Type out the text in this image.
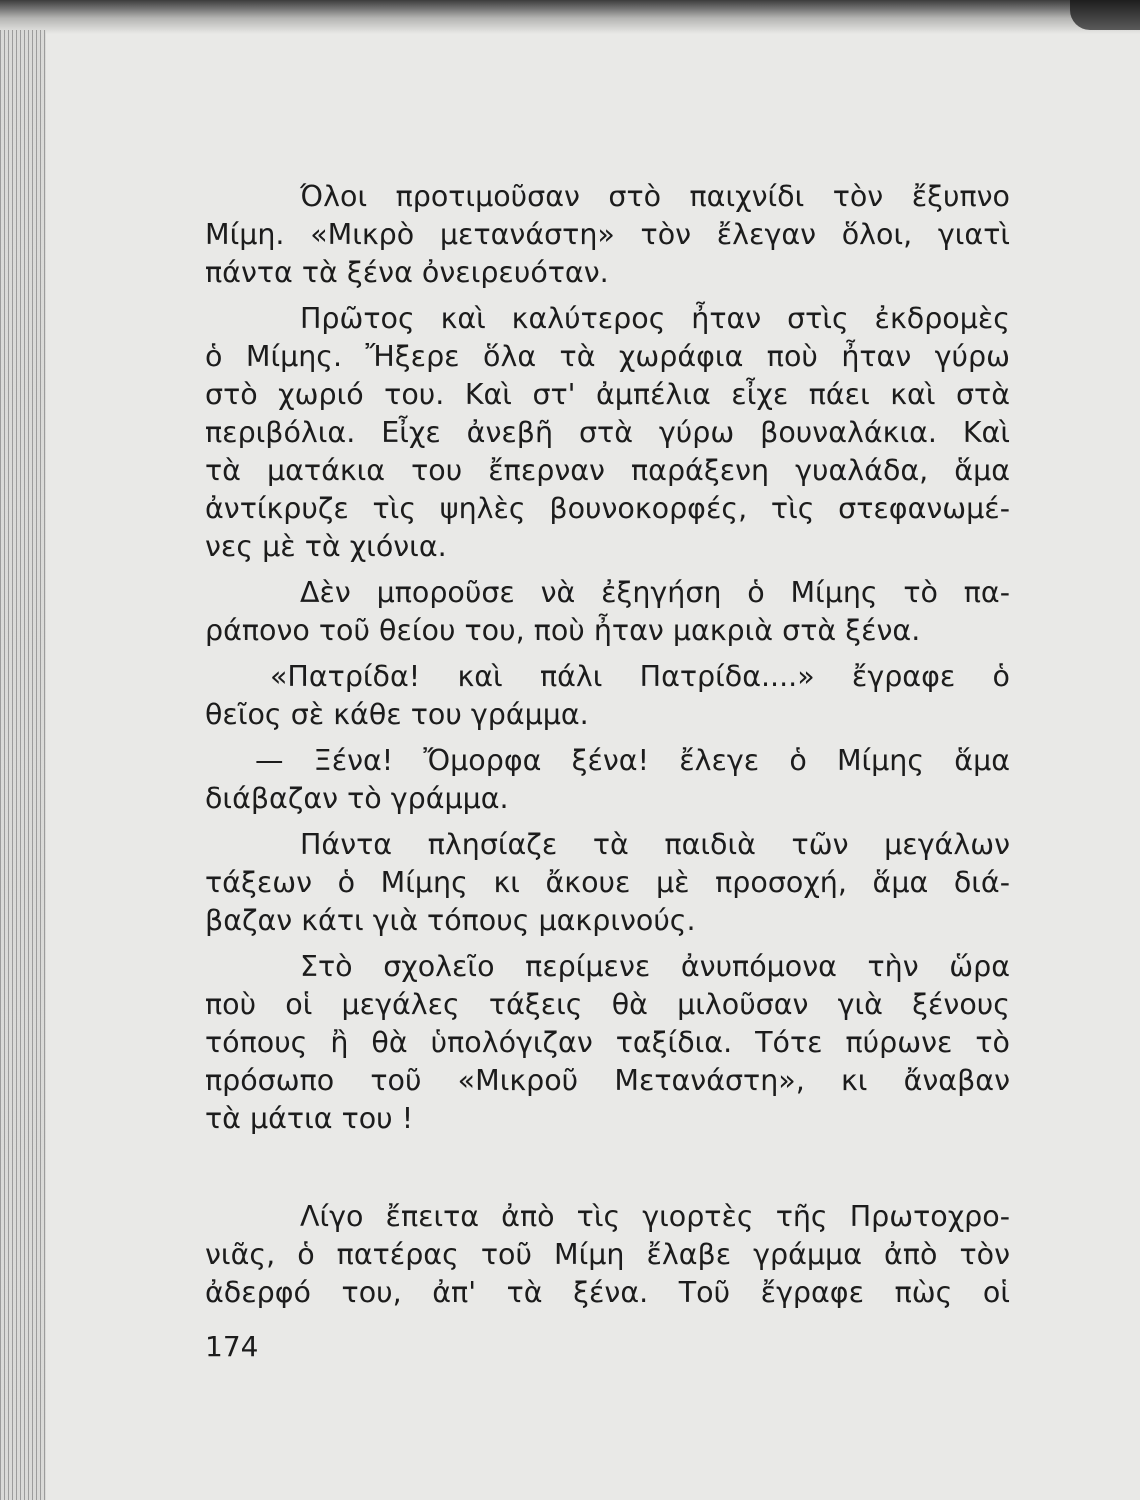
Όλοι προτιμοῦσαν στὸ παιχνίδι τὸν ἔξυπνο
Μίμη. «Μικρὸ μετανάστη» τὸν ἔλεγαν ὅλοι, γιατὶ
πάντα τὰ ξένα ὀνειρευόταν.
Πρῶτος καὶ καλύτερος ἦταν στὶς ἐκδρομὲς
ὁ Μίμης. Ἤξερε ὅλα τὰ χωράφια ποὺ ἦταν γύρω
στὸ χωριό του. Καὶ στ' ἀμπέλια εἶχε πάει καὶ στὰ
περιβόλια. Εἶχε ἀνεβῆ στὰ γύρω βουναλάκια. Καὶ
τὰ ματάκια του ἔπερναν παράξενη γυαλάδα, ἅμα
ἀντίκρυζε τὶς ψηλὲς βουνοκορφές, τὶς στεφανωμέ-
νες μὲ τὰ χιόνια.
Δὲν μποροῦσε νὰ ἐξηγήση ὁ Μίμης τὸ πα-
ράπονο τοῦ θείου του, ποὺ ἦταν μακριὰ στὰ ξένα.
«Πατρίδα! καὶ πάλι Πατρίδα....» ἔγραφε ὁ
θεῖος σὲ κάθε του γράμμα.
— Ξένα! Ὄμορφα ξένα! ἔλεγε ὁ Μίμης ἅμα
διάβαζαν τὸ γράμμα.
Πάντα πλησίαζε τὰ παιδιὰ τῶν μεγάλων
τάξεων ὁ Μίμης κι ἄκουε μὲ προσοχή, ἅμα διά-
βαζαν κάτι γιὰ τόπους μακρινούς.
Στὸ σχολεῖο περίμενε ἀνυπόμονα τὴν ὥρα
ποὺ οἱ μεγάλες τάξεις θὰ μιλοῦσαν γιὰ ξένους
τόπους ἢ θὰ ὑπολόγιζαν ταξίδια. Τότε πύρωνε τὸ
πρόσωπο τοῦ «Μικροῦ Μετανάστη», κι ἄναβαν
τὰ μάτια του !
Λίγο ἔπειτα ἀπὸ τὶς γιορτὲς τῆς Πρωτοχρο-
νιᾶς, ὁ πατέρας τοῦ Μίμη ἔλαβε γράμμα ἀπὸ τὸν
ἀδερφό του, ἀπ' τὰ ξένα. Τοῦ ἔγραφε πὼς οἱ
174
